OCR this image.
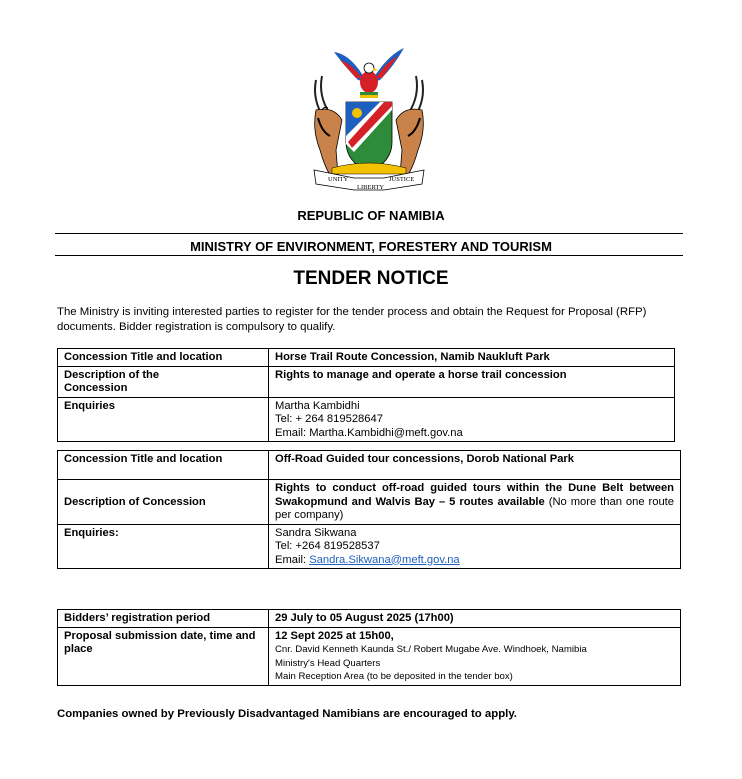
UNITY
LIBERTY
JUSTICE
REPUBLIC OF NAMIBIA
MINISTRY OF ENVIRONMENT, FORESTERY AND TOURISM
TENDER NOTICE
The Ministry is inviting interested parties to register for the tender process and obtain the Request for Proposal (RFP) documents. Bidder registration is compulsory to qualify.
Concession Title and location	Horse Trail Route Concession, Namib Naukluft Park
Description of the Concession	Rights to manage and operate a horse trail concession
Enquiries	Martha Kambidhi
Tel: + 264 819528647
Email: Martha.Kambidhi@meft.gov.na
Concession Title and location	Off-Road Guided tour concessions, Dorob National Park
Description of Concession	Rights to conduct off-road guided tours within the Dune Belt between Swakopmund and Walvis Bay – 5 routes available (No more than one route per company)
Enquiries:	Sandra Sikwana
Tel: +264 819528537
Email: Sandra.Sikwana@meft.gov.na
Bidders’ registration period	29 July to 05 August 2025 (17h00)
Proposal submission date, time and place	12 Sept 2025 at 15h00,
Cnr. David Kenneth Kaunda St./ Robert Mugabe Ave. Windhoek, Namibia
Ministry's Head Quarters
Main Reception Area (to be deposited in the tender box)
Companies owned by Previously Disadvantaged Namibians are encouraged to apply.
